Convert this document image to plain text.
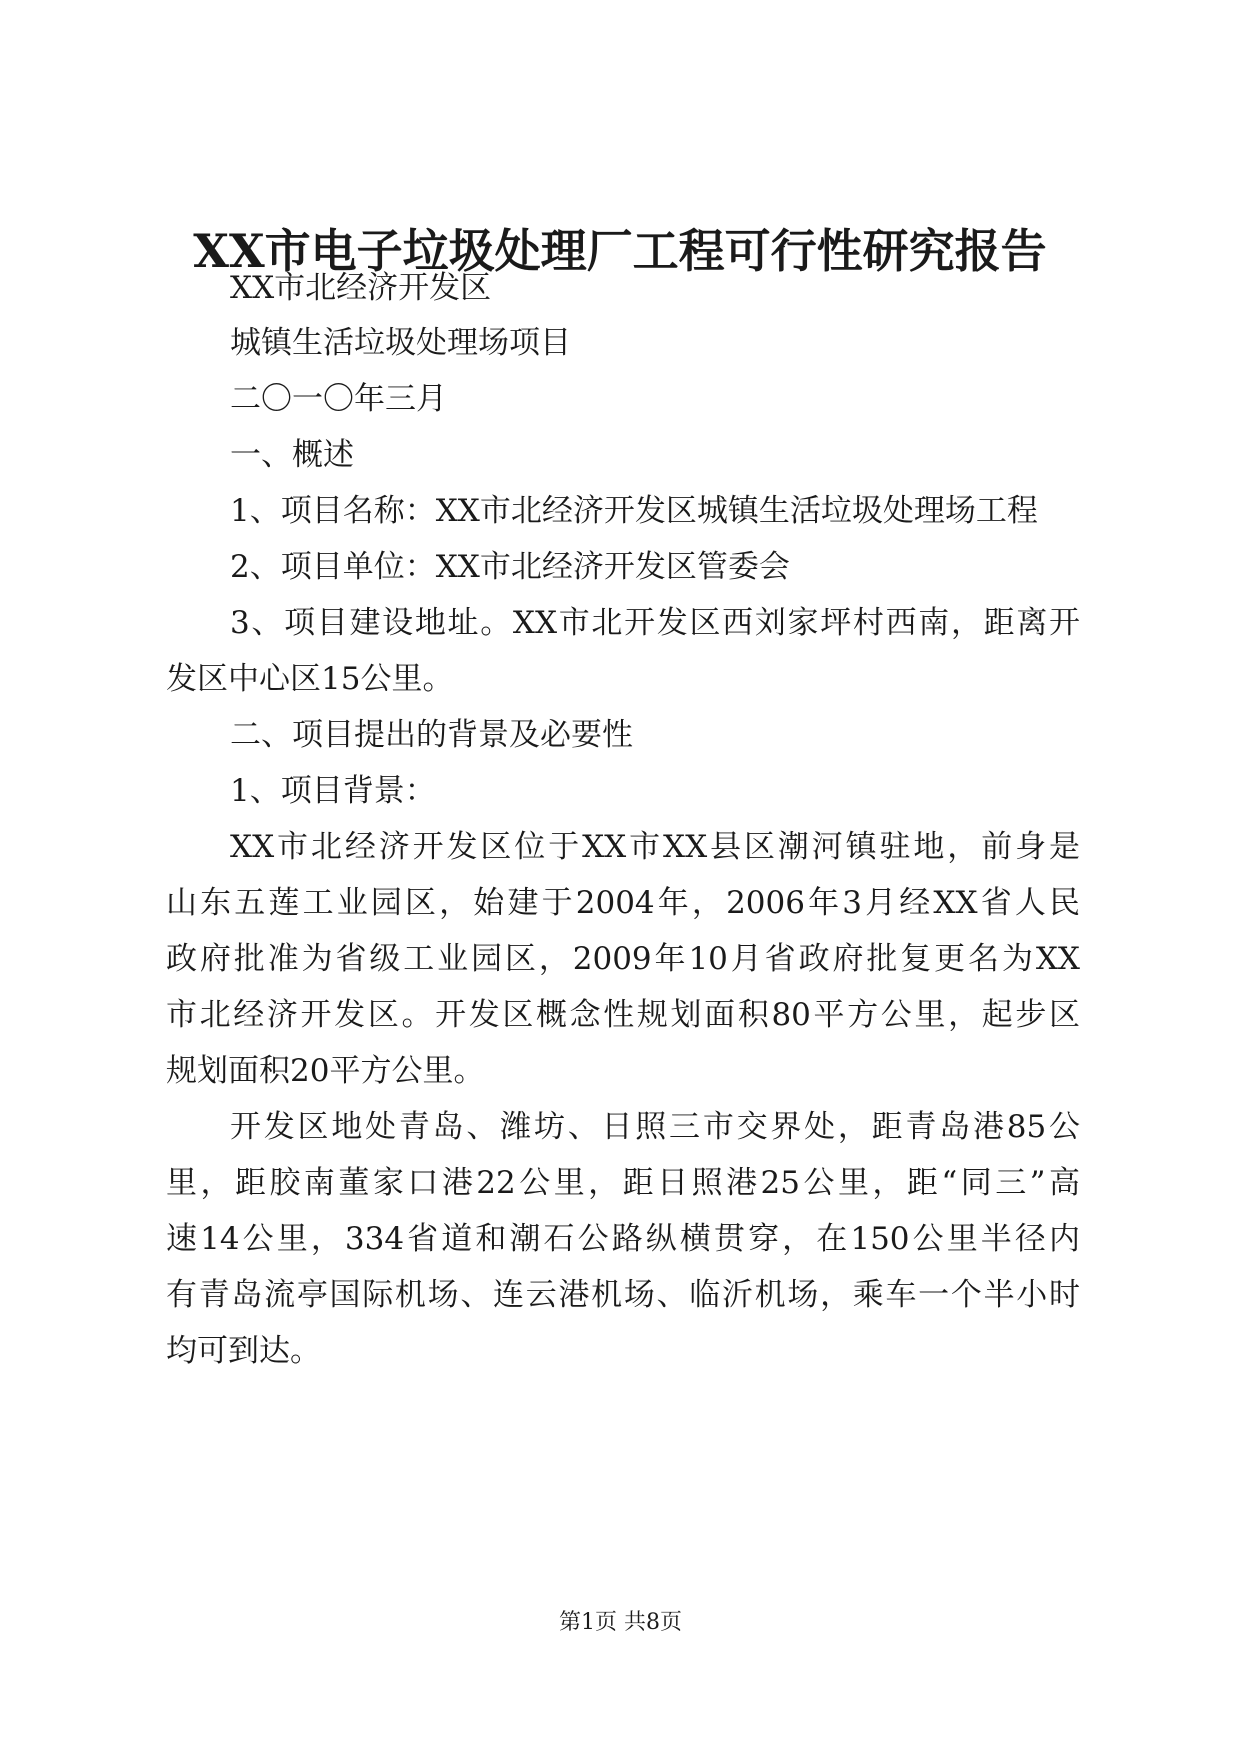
XX市电子垃圾处理厂工程可行性研究报告

XX市北经济开发区

城镇生活垃圾处理场项目

二〇一〇年三月

一、概述

1、项目名称：XX市北经济开发区城镇生活垃圾处理场工程

2、项目单位：XX市北经济开发区管委会

3、项目建设地址。XX市北开发区西刘家坪村西南，距离开

发区中心区15公里。

二、项目提出的背景及必要性

1、项目背景：

XX市北经济开发区位于XX市XX县区潮河镇驻地，前身是

山东五莲工业园区，始建于2004年，2006年3月经XX省人民

政府批准为省级工业园区，2009年10月省政府批复更名为XX

市北经济开发区。开发区概念性规划面积80平方公里，起步区

规划面积20平方公里。

开发区地处青岛、潍坊、日照三市交界处，距青岛港85公

里，距胶南董家口港22公里，距日照港25公里，距“同三”高

速14公里，334省道和潮石公路纵横贯穿，在150公里半径内

有青岛流亭国际机场、连云港机场、临沂机场，乘车一个半小时

均可到达。

第1页 共8页
